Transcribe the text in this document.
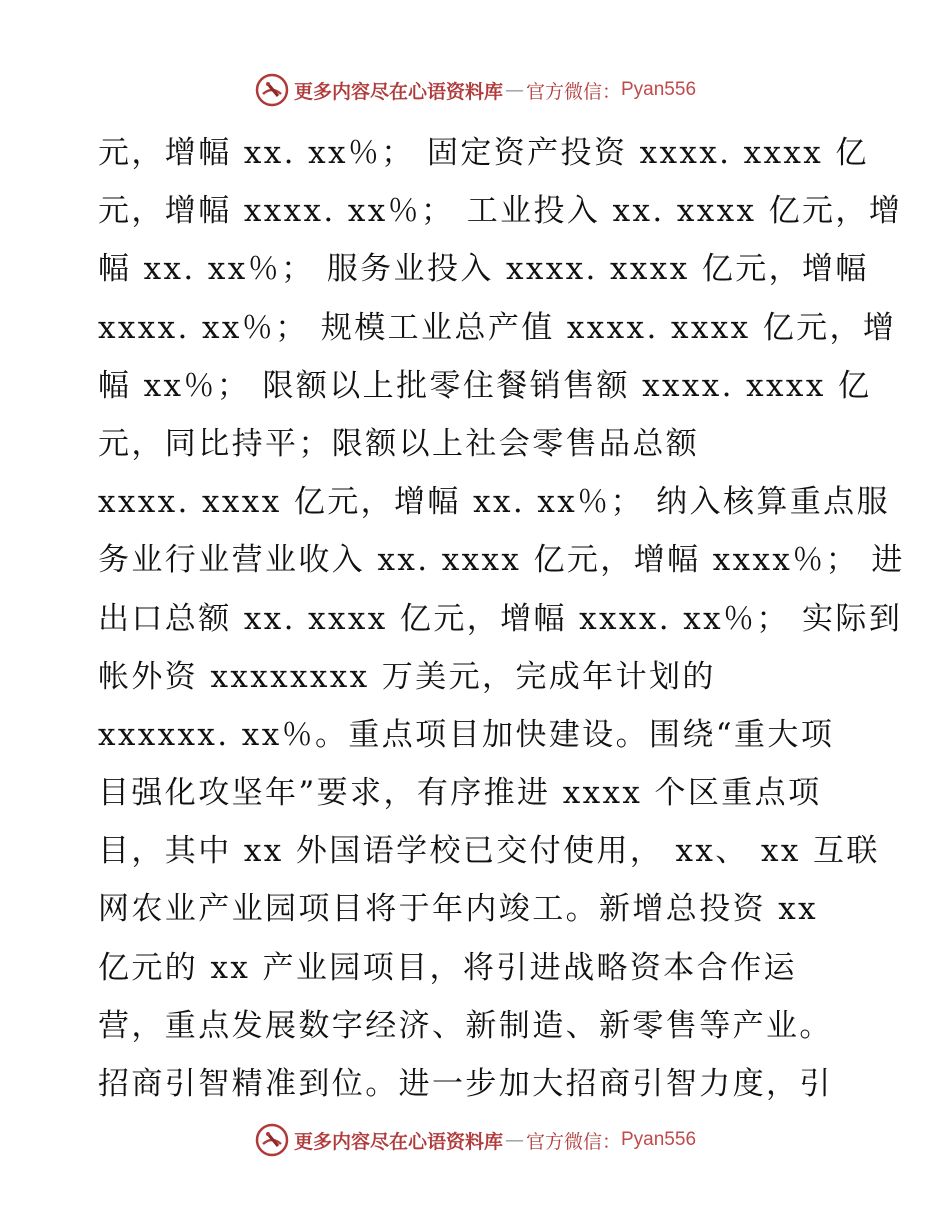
更多内容尽在心语资料库 — 官方微信： Pyan556
元，增幅 xx. xx％； 固定资产投资 xxxx. xxxx 亿
元，增幅 xxxx. xx％； 工业投入 xx. xxxx 亿元，增
幅 xx. xx％； 服务业投入 xxxx. xxxx 亿元，增幅
xxxx. xx％； 规模工业总产值 xxxx. xxxx 亿元，增
幅 xx％； 限额以上批零住餐销售额 xxxx. xxxx 亿
元，同比持平；限额以上社会零售品总额
xxxx. xxxx 亿元，增幅 xx. xx％； 纳入核算重点服
务业行业营业收入 xx. xxxx 亿元，增幅 xxxx％； 进
出口总额 xx. xxxx 亿元，增幅 xxxx. xx％； 实际到
帐外资 xxxxxxxx 万美元，完成年计划的
xxxxxx. xx％。重点项目加快建设。围绕“重大项
目强化攻坚年”要求，有序推进 xxxx 个区重点项
目，其中 xx 外国语学校已交付使用， xx、 xx 互联
网农业产业园项目将于年内竣工。新增总投资 xx
亿元的 xx 产业园项目，将引进战略资本合作运
营，重点发展数字经济、新制造、新零售等产业。
招商引智精准到位。进一步加大招商引智力度，引
更多内容尽在心语资料库 — 官方微信： Pyan556
